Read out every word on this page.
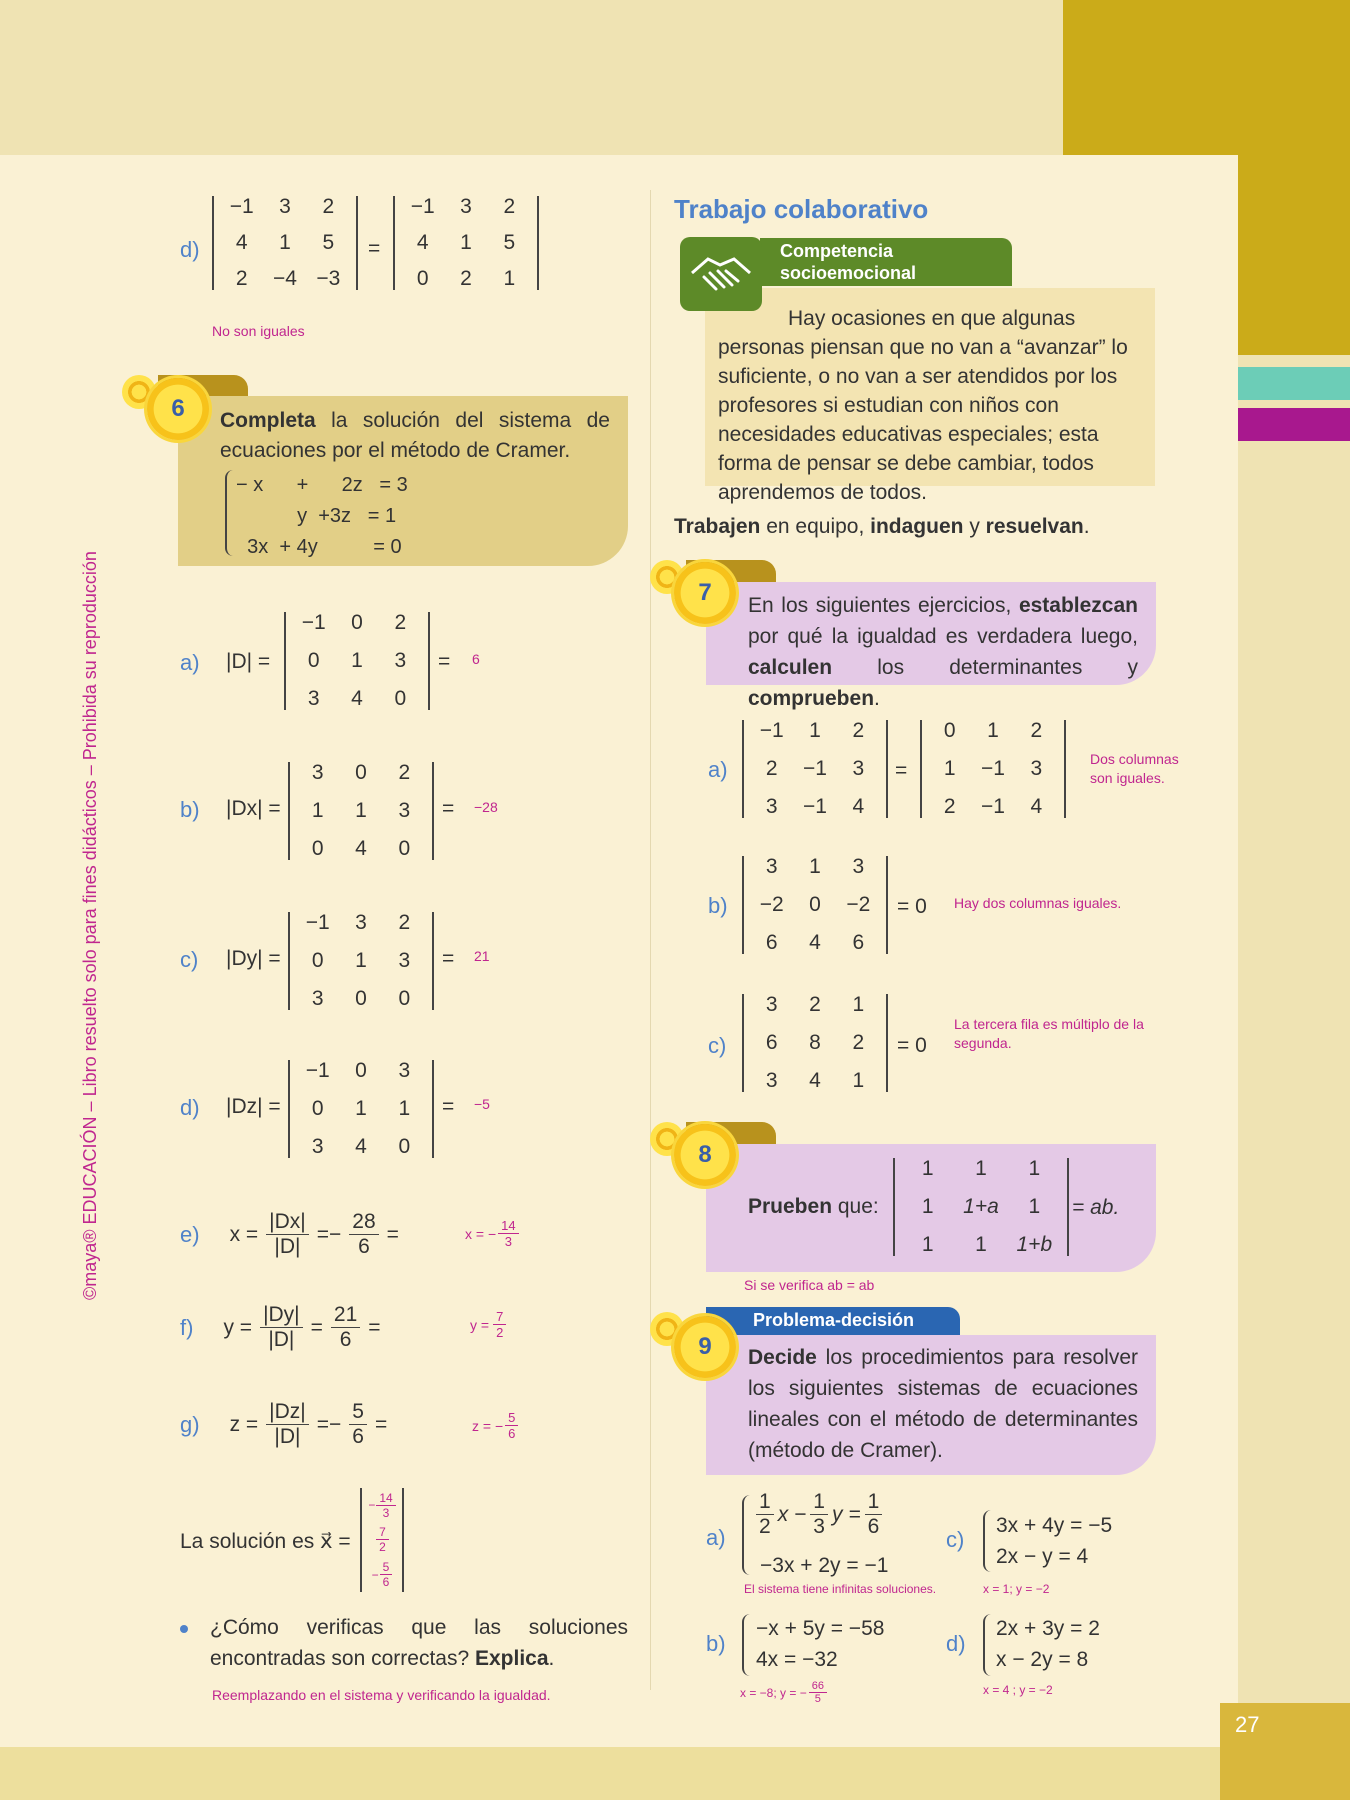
27
©maya® EDUCACIÓN – Libro resuelto solo para fines didácticos – Prohibida su reproducción
d)
−1	3	2
4	1	5
2	−4 −3
=
−1	3	2
4	1	5
0	2	1
No son iguales
6	Completa la solución del sistema de ecuaciones por el método de Cramer.
− x      +      2z   = 3
y  +3z   = 1
3x  + 4y          = 0
a) |D| =
−1	0	2
0	1	3
3	4	0
= 6
b) |Dx| =
3	0	2
1	1	3
0	4	0
= −28
c) |Dy| =
−1	3	2
0	1	3
3	0	0
= 21
d) |Dz| =
−1	0	3
0	1	1
3	4	0
= −5
e) $x = \frac{|Dx|}{|D|} =- \frac{28}{6}$ =	x = − $\frac{14}{3}$
f) $y = \frac{|Dy|}{|D|} = \frac{21}{6}$ =	$y = \frac{7}{2}$
g) $z = \frac{|Dz|}{|D|} =- \frac{5}{6}$ =	z = − $\frac{5}{6}$
La solución es x⃗ =
− $\frac{14}{3}$
$\frac{7}{2}$
− $\frac{5}{6}$
¿Cómo verificas que las soluciones encontradas son correctas? Explica.
Reemplazando en el sistema y verificando la igualdad.
Trabajo colaborativo
Competencia socioemocional
Hay ocasiones en que algunas personas piensan que no van a “avanzar” lo suficiente, o no van a ser atendidos por los profesores si estudian con niños con necesidades educativas especiales; esta forma de pensar se debe cambiar, todos aprendemos de todos.
Trabajen en equipo, indaguen y resuelvan.
7	En los siguientes ejercicios, establezcan por qué la igualdad es verdadera luego, calculen los determinantes y comprueben.
a)
−1	1	2
2	−1	3
3	−1	4
=
0	1	2
1	−1	3
2	−1	4
Dos columnas son iguales.
b)
3	1	3
−2	0	−2
6	4	6
= 0 Hay dos columnas iguales.
c)
3	2	1
6	8	2
3	4	1
= 0
La tercera fila es múltiplo de la segunda.
8
Prueben que:
1	1	1
1	1+a	1
1	1	1+b
= ab.
Si se verifica ab = ab
Problema-decisión
9	Decide los procedimientos para resolver los siguientes sistemas de ecuaciones lineales con el método de determinantes (método de Cramer).
$a) \frac{1}{2}$ $x - \frac{1}{3}$ $y = \frac{1}{6}$
−3x + 2y = −1
El sistema tiene infinitas soluciones.
c)
3x + 4y = −5
2x − y = 4
x = 1; y = −2
b)
−x + 5y = −58
4x = −32
x = −8; y = − $\frac{66}{5}$
d)
2x + 3y = 2
x − 2y = 8
x = 4 ; y = −2
